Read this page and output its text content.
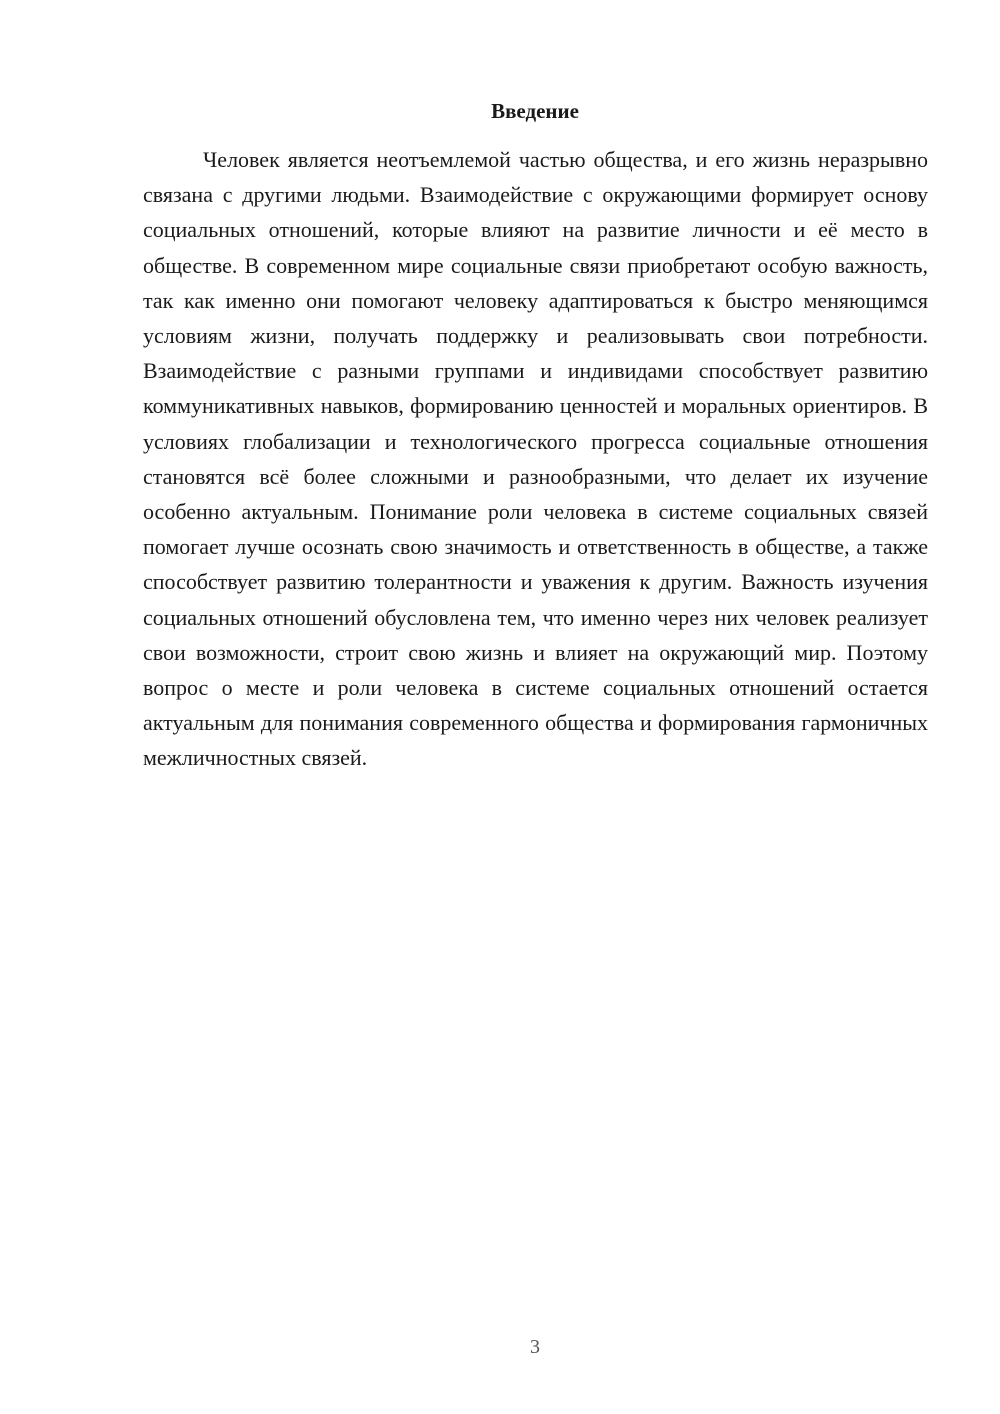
Введение

Человек является неотъемлемой частью общества, и его жизнь неразрывно связана с другими людьми. Взаимодействие с окружающими формирует основу социальных отношений, которые влияют на развитие личности и её место в обществе. В современном мире социальные связи приобретают особую важность, так как именно они помогают человеку адаптироваться к быстро меняющимся условиям жизни, получать поддержку и реализовывать свои потребности. Взаимодействие с разными группами и индивидами способствует развитию коммуникативных навыков, формированию ценностей и моральных ориентиров. В условиях глобализации и технологического прогресса социальные отношения становятся всё более сложными и разнообразными, что делает их изучение особенно актуальным. Понимание роли человека в системе социальных связей помогает лучше осознать свою значимость и ответственность в обществе, а также способствует развитию толерантности и уважения к другим. Важность изучения социальных отношений обусловлена тем, что именно через них человек реализует свои возможности, строит свою жизнь и влияет на окружающий мир. Поэтому вопрос о месте и роли человека в системе социальных отношений остается актуальным для понимания современного общества и формирования гармоничных межличностных связей.

3
